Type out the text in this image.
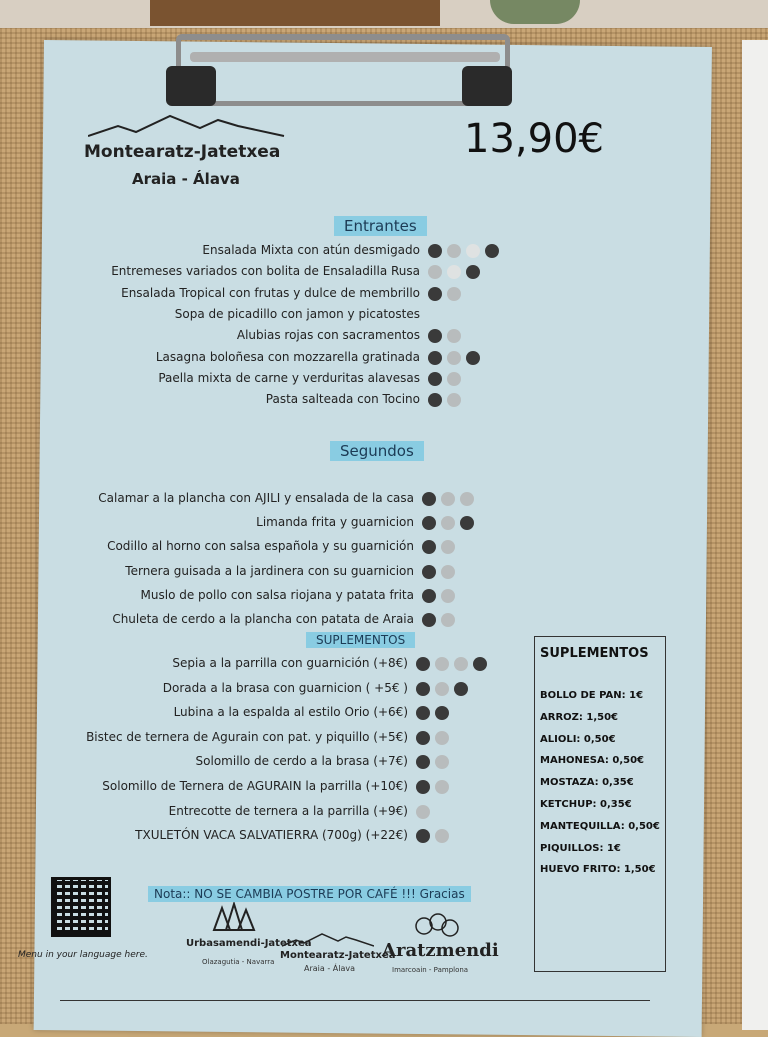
Montearatz-Jatetxea
Araia - Álava
13,90€
Entrantes
Ensalada Mixta con atún desmigado
Entremeses variados con bolita de Ensaladilla Rusa
Ensalada Tropical con frutas y dulce de membrillo
Sopa de picadillo con jamon y picatostes
Alubias rojas con sacramentos
Lasagna boloñesa con mozzarella gratinada
Paella mixta de carne y verduritas alavesas
Pasta salteada con Tocino
Segundos
Calamar a la plancha con AJILI y ensalada de la casa
Limanda frita y guarnicion
Codillo al horno con salsa española y su guarnición
Ternera guisada a la jardinera con su guarnicion
Muslo de pollo con salsa riojana y patata frita
Chuleta de cerdo a la plancha con patata de Araia
SUPLEMENTOS
Sepia a la parrilla con guarnición (+8€)
Dorada a la brasa con guarnicion ( +5€ )
Lubina a la espalda al estilo Orio (+6€)
Bistec de ternera de Agurain con pat. y piquillo (+5€)
Solomillo de cerdo a la brasa (+7€)
Solomillo de Ternera de AGURAIN la parrilla (+10€)
Entrecotte de ternera a la parrilla (+9€)
TXULETÓN VACA SALVATIERRA (700g) (+22€)
SUPLEMENTOS
BOLLO DE PAN: 1€
ARROZ: 1,50€
ALIOLI: 0,50€
MAHONESA: 0,50€
MOSTAZA: 0,35€
KETCHUP: 0,35€
MANTEQUILLA: 0,50€
PIQUILLOS: 1€
HUEVO FRITO: 1,50€
Nota:: NO SE CAMBIA POSTRE POR CAFÉ !!! Gracias
Menu in your language here.
Urbasamendi-Jatetxea
Olazagutia - Navarra
Montearatz-Jatetxea
Araia - Álava
Aratzmendi
Imarcoain - Pamplona
